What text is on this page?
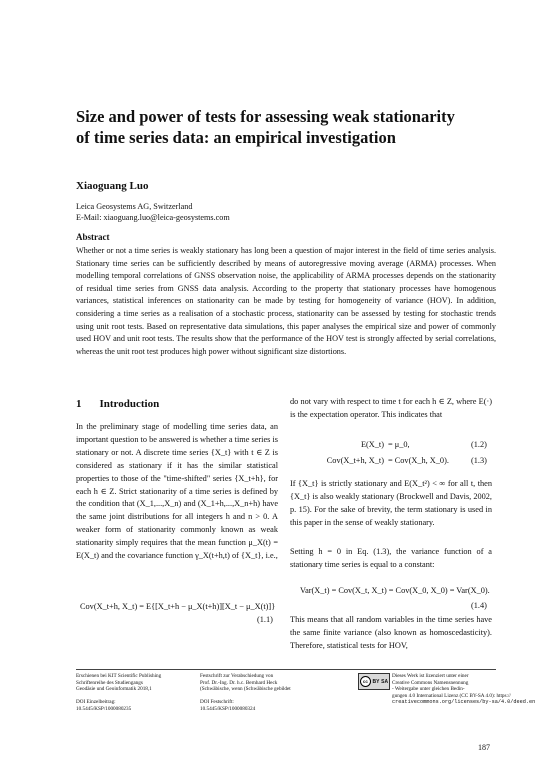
Size and power of tests for assessing weak stationarity
of time series data: an empirical investigation
Xiaoguang Luo
Leica Geosystems AG, Switzerland
E-Mail: xiaoguang.luo@leica-geosystems.com
Abstract
Whether or not a time series is weakly stationary has long been a question of major interest in the field of time series analysis. Stationary time series can be sufficiently described by means of autoregressive moving average (ARMA) processes. When modelling temporal correlations of GNSS observation noise, the applicability of ARMA processes depends on the stationarity of residual time series from GNSS data analysis. According to the property that stationary processes have homogenous variances, statistical inferences on stationarity can be made by testing for homogeneity of variance (HOV). In addition, considering a time series as a realisation of a stochastic process, stationarity can be assessed by testing for stochastic trends using unit root tests. Based on representative data simulations, this paper analyses the empirical size and power of commonly used HOV and unit root tests. The results show that the performance of the HOV test is strongly affected by serial correlations, whereas the unit root test produces high power without significant size distortions.
1 Introduction

In the preliminary stage of modelling time series data, an important question to be answered is whether a time series is stationary or not. A discrete time series {X_t} with t ∈ Z is considered as stationary if it has the similar statistical properties to those of the "time-shifted" series {X_t+h}, for each h ∈ Z. Strict stationarity of a time series is defined by the condition that (X_1,...,X_n) and (X_1+h,...,X_n+h) have the same joint distributions for all integers h and n > 0. A weaker form of stationarity commonly known as weak stationarity simply requires that the mean function μ_X(t) = E(X_t) and the covariance function γ_X(t+h,t) of {X_t}, i.e.,

Cov(X_t+h, X_t) = E{[X_t+h − μ_X(t+h)][X_t − μ_X(t)]}
(1.1)

do not vary with respect to time t for each h ∈ Z, where E(·) is the expectation operator. This indicates that

E(X_t) = μ_0,	(1.2)
Cov(X_t+h, X_t) = Cov(X_h, X_0).	(1.3)

If {X_t} is strictly stationary and E(X_t²) < ∞ for all t, then {X_t} is also weakly stationary (Brockwell and Davis, 2002, p. 15). For the sake of brevity, the term stationary is used in this paper in the sense of weakly stationary.

Setting h = 0 in Eq. (1.3), the variance function of a stationary time series is equal to a constant:

Var(X_t) = Cov(X_t, X_t) = Cov(X_0, X_0) = Var(X_0).
(1.4)

This means that all random variables in the time series have the same finite variance (also known as homoscedasticity). Therefore, statistical tests for HOV,

Erschienen bei KIT Scientific Publishing
Schriftenreihe des Studiengangs
Geodäsie und Geoinformatik 2018,1

DOI Einzelbeitrag:
10.5445/KSP/1000080235
Festschrift zur Verabschiedung von
Prof. Dr.-Ing. Dr. h.c. Bernhard Heck
(Schwäbische, wenn (Schwäbische gebildet

DOI Festschrift:
10.5445/KSP/1000080324
cc BY SA
Dieses Werk ist lizenziert unter einer
Creative Commons Namensnennung
- Weitergabe unter gleichen Bedin-
gungen 4.0 International Lizenz (CC BY-SA 4.0): https://
creativecommons.org/licenses/by-sa/4.0/deed.en
187
